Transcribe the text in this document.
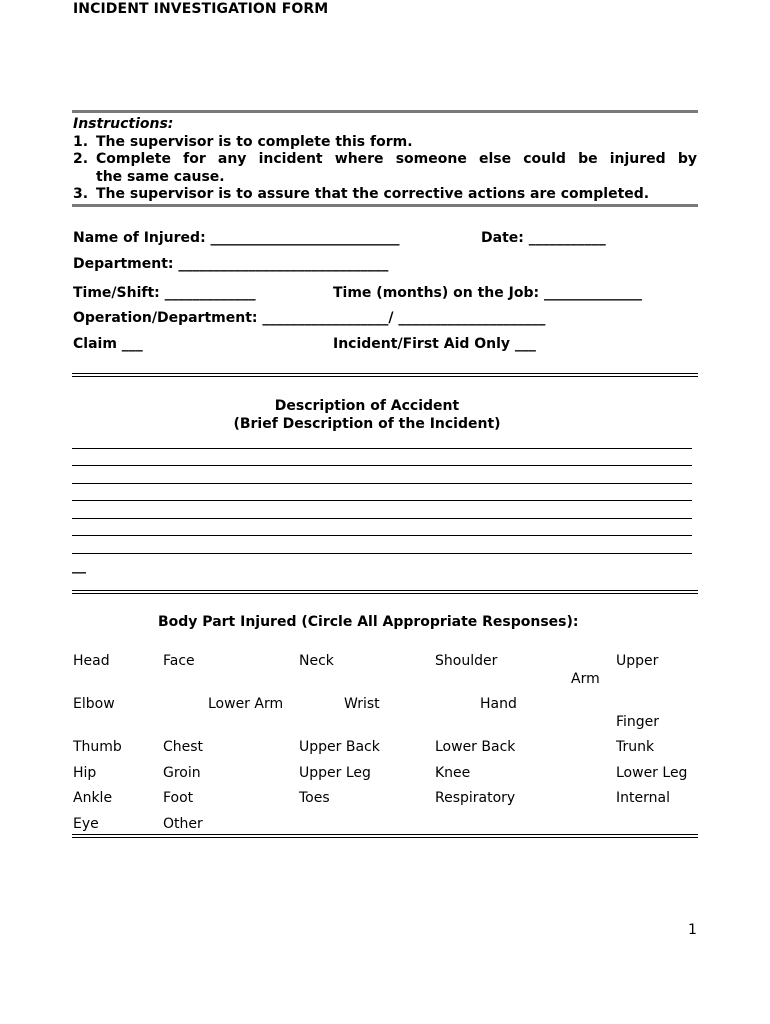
INCIDENT INVESTIGATION FORM
Instructions:
1. The supervisor is to complete this form.
2. Complete for any incident where someone else could be injured by
the same cause.
3. The supervisor is to assure that the corrective actions are completed.
Name of Injured: ___________________________	Date: ___________
Department: ______________________________
Time/Shift: _____________	Time (months) on the Job: ______________
Operation/Department: __________________/ _____________________
Claim ___	Incident/First Aid Only ___
Description of Accident
(Brief Description of the Incident)
__
Body Part Injured (Circle All Appropriate Responses):
Head	Face	Neck	Shoulder	Upper
Arm
Elbow	Lower Arm	Wrist	Hand
Finger
Thumb	Chest	Upper Back	Lower Back	Trunk
Hip	Groin	Upper Leg	Knee	Lower Leg
Ankle	Foot	Toes	Respiratory	Internal
Eye	Other
1
